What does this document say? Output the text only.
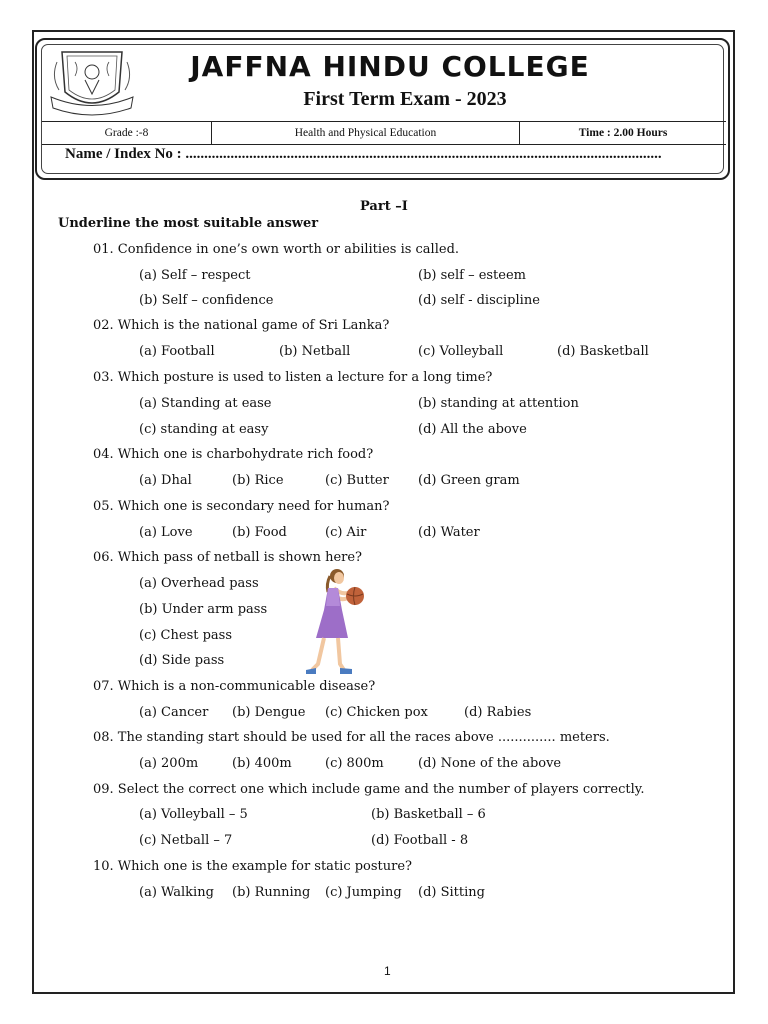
JAFFNA HINDU COLLEGE
First Term Exam - 2023
Grade :-8	Health and Physical Education	Time : 2.00 Hours
Name / Index No : ...............................................................................................................................
Part –I
Underline the most suitable answer
01. Confidence in one’s own worth or abilities is called.
(a) Self – respect	(b) self – esteem
(b) Self – confidence	(d) self - discipline
02. Which is the national game of Sri Lanka?
(a) Football	(b) Netball	(c) Volleyball	(d) Basketball
03. Which posture is used to listen a lecture for a long time?
(a) Standing at ease	(b) standing at attention
(c) standing at easy	(d) All the above
04. Which one is charbohydrate rich food?
(a) Dhal	(b) Rice	(c) Butter (d) Green gram
05. Which one is secondary need for human?
(a) Love	(b) Food	(c) Air	(d) Water
06. Which pass of netball is shown here?
(a) Overhead pass
(b) Under arm pass
(c) Chest pass
(d) Side pass
07. Which is a non-communicable disease?
(a) Cancer (b) Dengue (c) Chicken pox	(d) Rabies
08. The standing start should be used for all the races above .............. meters.
(a) 200m	(b) 400m	(c) 800m	(d) None of the above
09. Select the correct one which include game and the number of players correctly.
(a) Volleyball – 5	(b) Basketball – 6
(c) Netball – 7	(d) Football - 8
10. Which one is the example for static posture?
(a) Walking (b) Running (c) Jumping (d) Sitting
1
